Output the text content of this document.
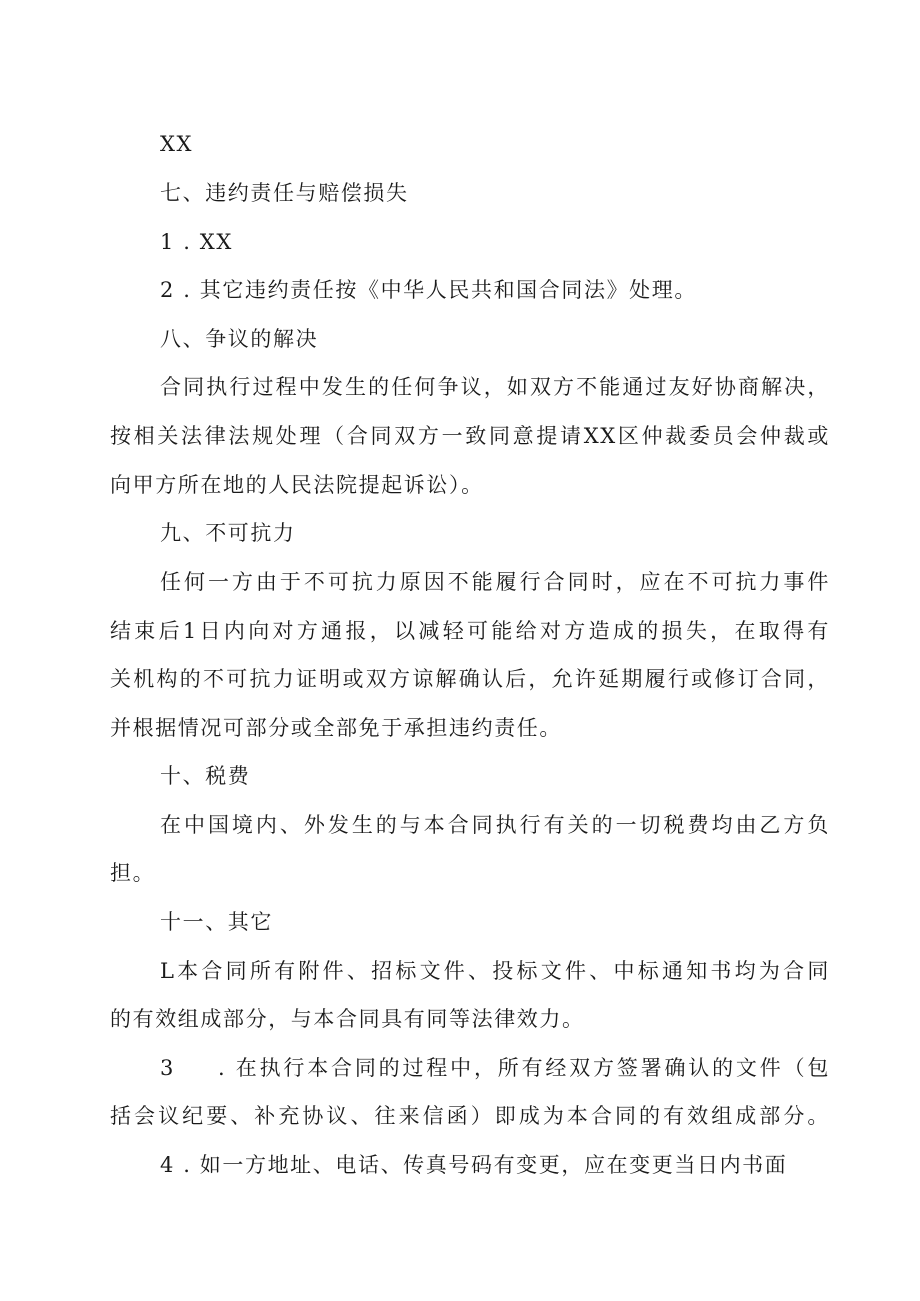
XX
七、违约责任与赔偿损失
1 . XX
2 . 其它违约责任按《中华人民共和国合同法》处理。
八、争议的解决
合同执行过程中发生的任何争议，如双方不能通过友好协商解决，
按相关法律法规处理（合同双方一致同意提请XX区仲裁委员会仲裁或
向甲方所在地的人民法院提起诉讼）。
九、不可抗力
任何一方由于不可抗力原因不能履行合同时，应在不可抗力事件
结束后1日内向对方通报，以减轻可能给对方造成的损失，在取得有
关机构的不可抗力证明或双方谅解确认后，允许延期履行或修订合同，
并根据情况可部分或全部免于承担违约责任。
十、税费
在中国境内、外发生的与本合同执行有关的一切税费均由乙方负
担。
十一、其它
L本合同所有附件、招标文件、投标文件、中标通知书均为合同
的有效组成部分，与本合同具有同等法律效力。
3 . 在执行本合同的过程中，所有经双方签署确认的文件（包
括会议纪要、补充协议、往来信函）即成为本合同的有效组成部分。
4 . 如一方地址、电话、传真号码有变更，应在变更当日内书面
